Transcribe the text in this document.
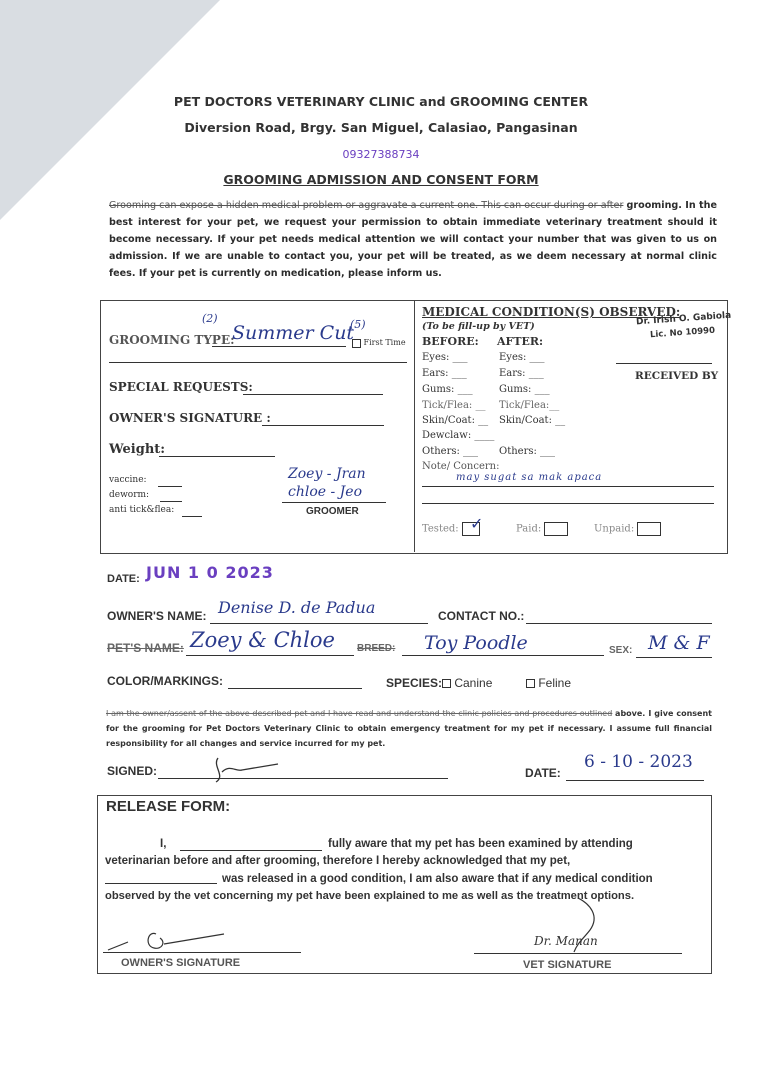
PET DOCTORS VETERINARY CLINIC and GROOMING CENTER
Diversion Road, Brgy. San Miguel, Calasiao, Pangasinan
09327388734
GROOMING ADMISSION AND CONSENT FORM
Grooming can expose a hidden medical problem or aggravate a current one. This can occur during or after grooming. In the best interest for your pet, we request your permission to obtain immediate veterinary treatment should it become necessary. If your pet needs medical attention we will contact your number that was given to us on admission. If we are unable to contact you, your pet will be treated, as we deem necessary at normal clinic fees. If your pet is currently on medication, please inform us.
GROOMING TYPE:
(2)
Summer Cut
(5)
First Time
SPECIAL REQUESTS:
OWNER'S SIGNATURE :
Weight:
vaccine:
deworm:
anti tick&flea:
Zoey - Jran
chloe - Jeo
GROOMER
MEDICAL CONDITION(S) OBSERVED:
(To be fill-up by VET)
BEFORE: AFTER:
Eyes: ___	Eyes: ___
Ears: ___	Ears: ___
Gums: ___	Gums: ___
Tick/Flea: __ Tick/Flea:__
Skin/Coat: __ Skin/Coat: __
Dewclaw: ____
Others: ___ Others: ___
Note/ Concern:
may sugat sa mak apaca
Tested: ✓	Paid:	Unpaid:
Dr. Irish O. Gabiola
Lic. No 10990
RECEIVED BY
DATE: JUN 1 0 2023
OWNER'S NAME: Denise D. de Padua	CONTACT NO.:
PET'S NAME: Zoey & Chloe BREED: Toy Poodle	SEX: M & F
COLOR/MARKINGS:	SPECIES:	Canine	Feline
I am the owner/assent of the above described pet and I have read and understand the clinic policies and procedures outlined above. I give consent for the grooming for Pet Doctors Veterinary Clinic to obtain emergency treatment for my pet if necessary. I assume full financial responsibility for all changes and service incurred for my pet.
SIGNED:	DATE:
6 - 10 - 2023
RELEASE FORM:
I,	fully aware that my pet has been examined by attending
veterinarian before and after grooming, therefore I hereby acknowledged that my pet,
was released in a good condition, I am also aware that if any medical condition
observed by the vet concerning my pet have been explained to me as well as the treatment options.
OWNER'S SIGNATURE
Dr. Manan
VET SIGNATURE
